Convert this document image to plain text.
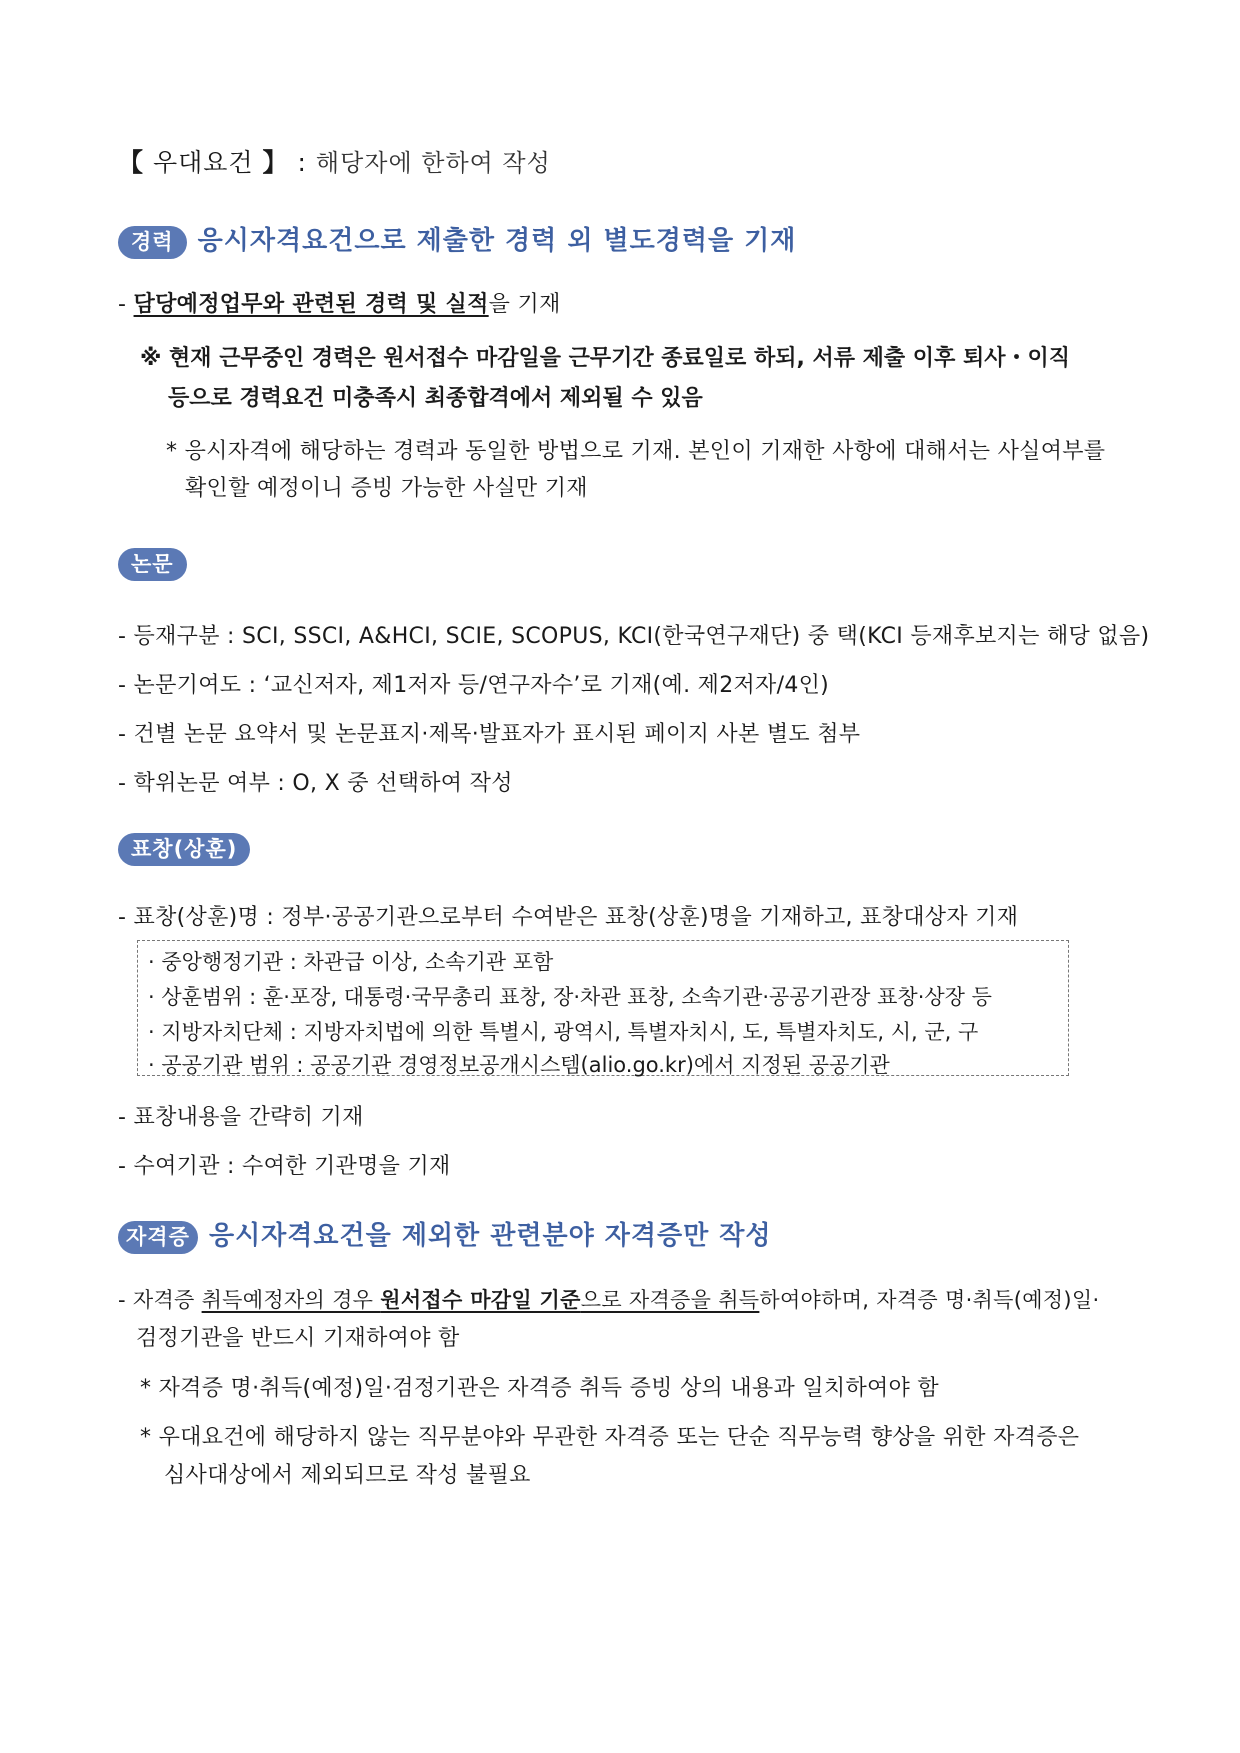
【 우대요건 】 : 해당자에 한하여 작성
경력 응시자격요건으로 제출한 경력 외 별도경력을 기재
- 담당예정업무와 관련된 경력 및 실적을 기재
※ 현재 근무중인 경력은 원서접수 마감일을 근무기간 종료일로 하되, 서류 제출 이후 퇴사・이직
등으로 경력요건 미충족시 최종합격에서 제외될 수 있음
* 응시자격에 해당하는 경력과 동일한 방법으로 기재. 본인이 기재한 사항에 대해서는 사실여부를
확인할 예정이니 증빙 가능한 사실만 기재
논문
- 등재구분 : SCI, SSCI, A&HCI, SCIE, SCOPUS, KCI(한국연구재단) 중 택(KCI 등재후보지는 해당 없음)
- 논문기여도 : ‘교신저자, 제1저자 등/연구자수’로 기재(예. 제2저자/4인)
- 건별 논문 요약서 및 논문표지·제목·발표자가 표시된 페이지 사본 별도 첨부
- 학위논문 여부 : O, X 중 선택하여 작성
표창(상훈)
- 표창(상훈)명 : 정부·공공기관으로부터 수여받은 표창(상훈)명을 기재하고, 표창대상자 기재
· 중앙행정기관 : 차관급 이상, 소속기관 포함
· 상훈범위 : 훈·포장, 대통령·국무총리 표창, 장·차관 표창, 소속기관·공공기관장 표창·상장 등
· 지방자치단체 : 지방자치법에 의한 특별시, 광역시, 특별자치시, 도, 특별자치도, 시, 군, 구
· 공공기관 범위 : 공공기관 경영정보공개시스템(alio.go.kr)에서 지정된 공공기관
- 표창내용을 간략히 기재
- 수여기관 : 수여한 기관명을 기재
자격증 응시자격요건을 제외한 관련분야 자격증만 작성
- 자격증 취득예정자의 경우 원서접수 마감일 기준으로 자격증을 취득하여야하며, 자격증 명·취득(예정)일·
검정기관을 반드시 기재하여야 함
* 자격증 명·취득(예정)일·검정기관은 자격증 취득 증빙 상의 내용과 일치하여야 함
* 우대요건에 해당하지 않는 직무분야와 무관한 자격증 또는 단순 직무능력 향상을 위한 자격증은
심사대상에서 제외되므로 작성 불필요
